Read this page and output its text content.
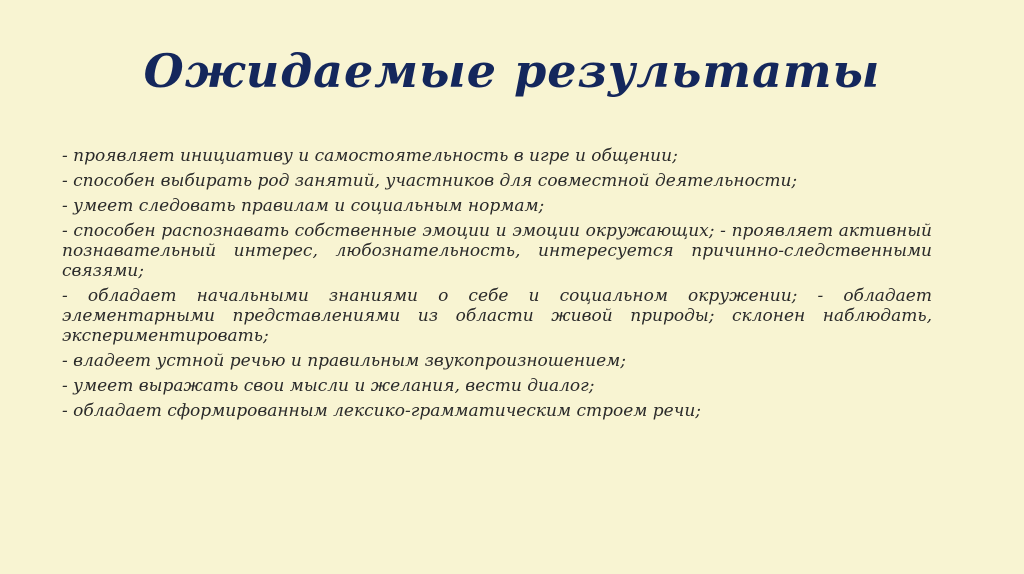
Ожидаемые результаты
- проявляет инициативу и самостоятельность в игре и общении;
- способен выбирать род занятий, участников для совместной деятельности;
- умеет следовать правилам и социальным нормам;
- способен распознавать собственные эмоции и эмоции окружающих; - проявляет активный познавательный интерес, любознательность, интересуется причинно-следственными связями;
- обладает начальными знаниями о себе и социальном окружении; - обладает элементарными представлениями из области живой природы; склонен наблюдать, экспериментировать;
- владеет устной речью и правильным звукопроизношением;
- умеет выражать свои мысли и желания, вести диалог;
- обладает сформированным лексико-грамматическим строем речи;
